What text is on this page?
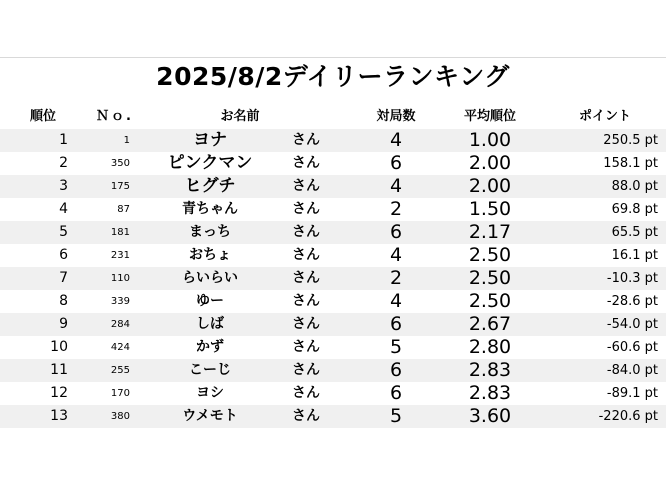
2025/8/2デイリーランキング
順位	Ｎｏ.	お名前	対局数	平均順位	ポイント
1	1	ヨナ	さん	4	1.00	250.5 pt
2	350	ピンクマン	さん	6	2.00	158.1 pt
3	175	ヒグチ	さん	4	2.00	88.0 pt
4	87	青ちゃん	さん	2	1.50	69.8 pt
5	181	まっち	さん	6	2.17	65.5 pt
6	231	おちょ	さん	4	2.50	16.1 pt
7	110	らいらい	さん	2	2.50	-10.3 pt
8	339	ゆー	さん	4	2.50	-28.6 pt
9	284	しば	さん	6	2.67	-54.0 pt
10	424	かず	さん	5	2.80	-60.6 pt
11	255	こーじ	さん	6	2.83	-84.0 pt
12	170	ヨシ	さん	6	2.83	-89.1 pt
13	380	ウメモト	さん	5	3.60	-220.6 pt
